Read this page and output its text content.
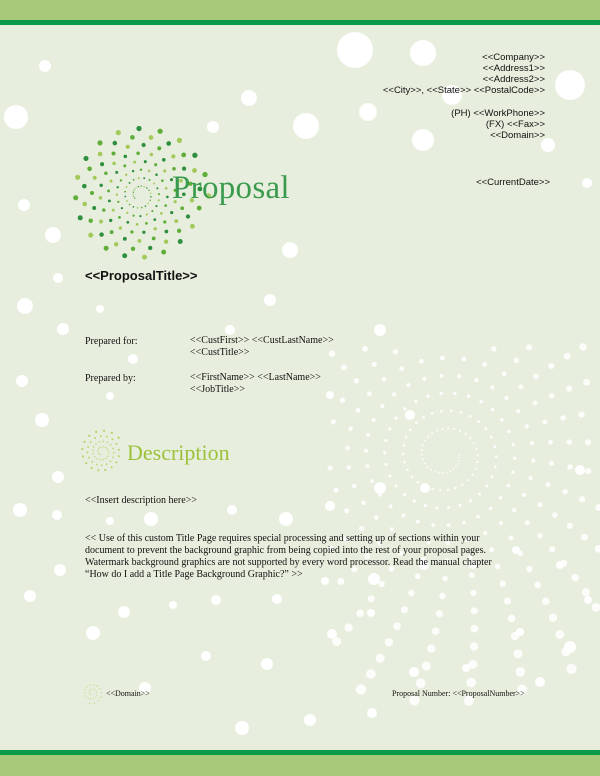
<<Company>>
<<Address1>>
<<Address2>>
<<City>>, <<State>> <<PostalCode>>
(PH) <<WorkPhone>>
(FX) <<Fax>>
<<Domain>>
<<CurrentDate>>
Proposal
<<ProposalTitle>>
Prepared for:	<<CustFirst>> <<CustLastName>>
<<CustTitle>>
Prepared by:	<<FirstName>> <<LastName>>
<<JobTitle>>
Description
<<Insert description here>>
<< Use of this custom Title Page requires special processing and setting up of sections within your
document to prevent the background graphic from being copied into the rest of your proposal pages.
Watermark background graphics are not supported by every word processor. Read the manual chapter
“How do I add a Title Page Background Graphic?” >>
<<Domain>>	Proposal Number: <<ProposalNumber>>
